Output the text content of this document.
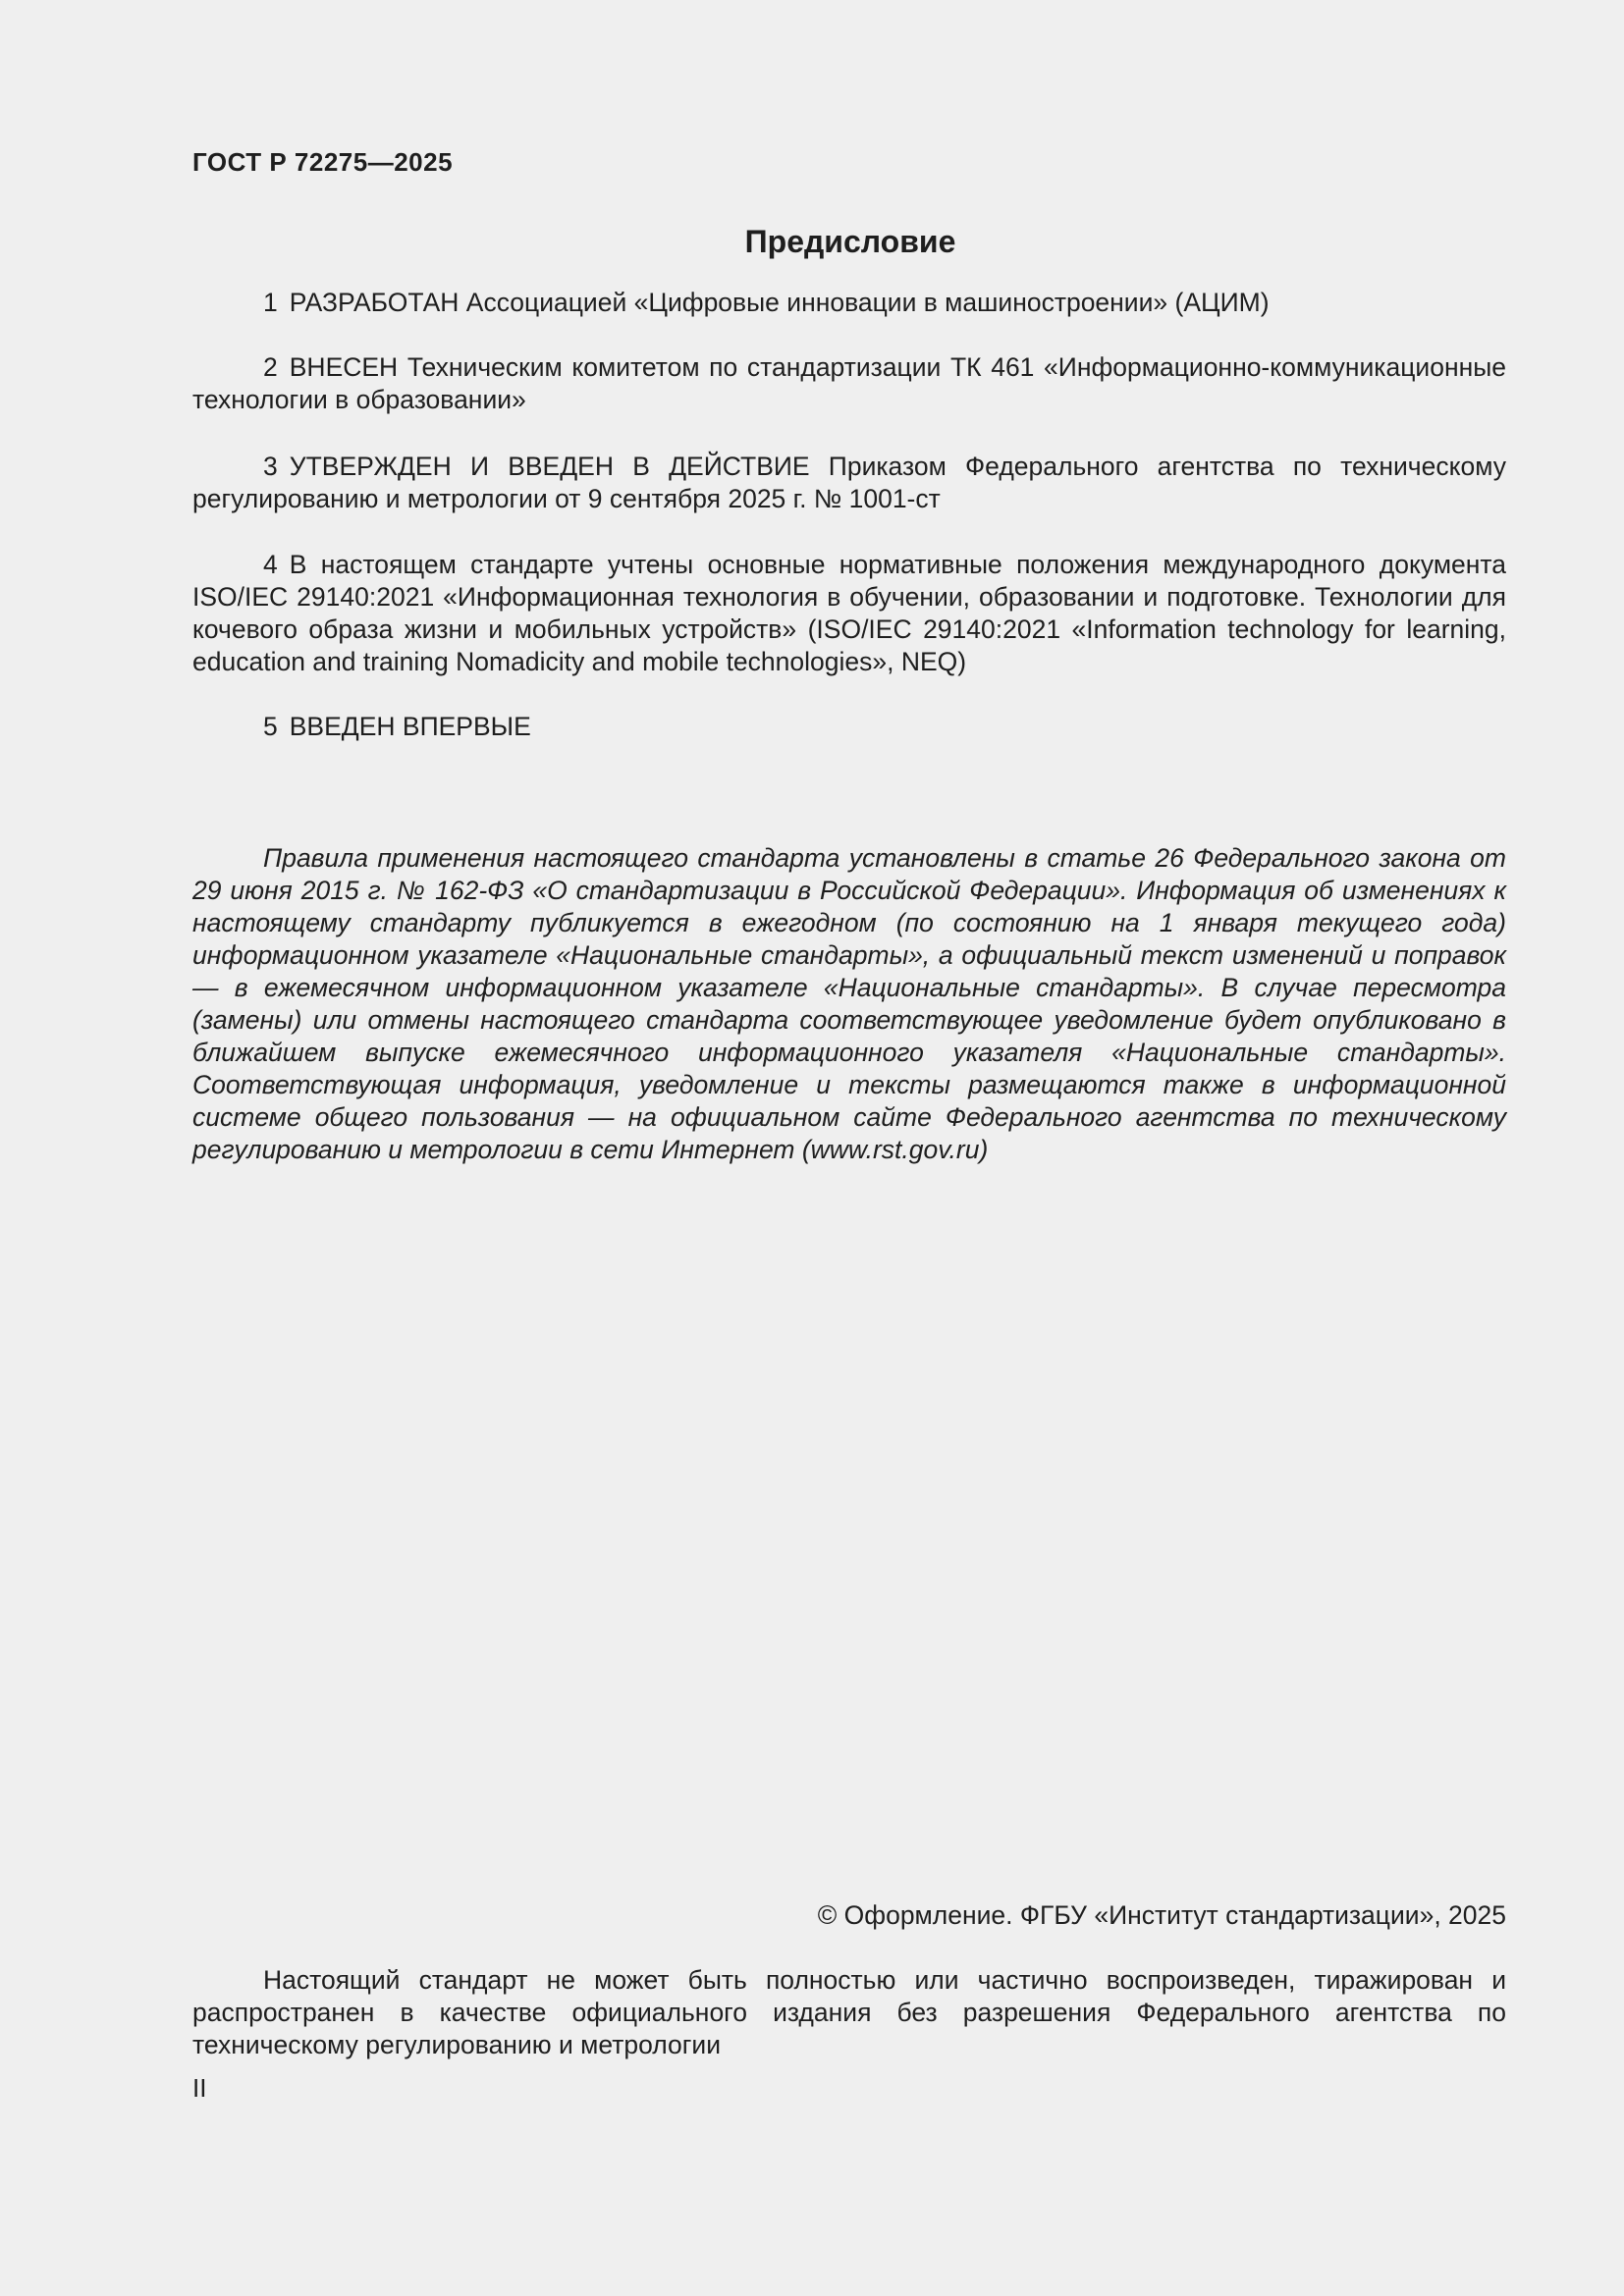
ГОСТ Р 72275—2025
Предисловие

1 РАЗРАБОТАН Ассоциацией «Цифровые инновации в машиностроении» (АЦИМ)

2 ВНЕСЕН Техническим комитетом по стандартизации ТК 461 «Информационно-коммуникационные технологии в образовании»

3 УТВЕРЖДЕН И ВВЕДЕН В ДЕЙСТВИЕ Приказом Федерального агентства по техническому регулированию и метрологии от 9 сентября 2025 г. № 1001-ст

4 В настоящем стандарте учтены основные нормативные положения международного документа ISO/IEC 29140:2021 «Информационная технология в обучении, образовании и подготовке. Технологии для кочевого образа жизни и мобильных устройств» (ISO/IEC 29140:2021 «Information technology for learning, education and training Nomadicity and mobile technologies», NEQ)

5 ВВЕДЕН ВПЕРВЫЕ

Правила применения настоящего стандарта установлены в статье 26 Федерального закона от 29 июня 2015 г. № 162-ФЗ «О стандартизации в Российской Федерации». Информация об изменениях к настоящему стандарту публикуется в ежегодном (по состоянию на 1 января текущего года) информационном указателе «Национальные стандарты», а официальный текст изменений и поправок — в ежемесячном информационном указателе «Национальные стандарты». В случае пересмотра (замены) или отмены настоящего стандарта соответствующее уведомление будет опубликовано в ближайшем выпуске ежемесячного информационного указателя «Национальные стандарты». Соответствующая информация, уведомление и тексты размещаются также в информационной системе общего пользования — на официальном сайте Федерального агентства по техническому регулированию и метрологии в сети Интернет (www.rst.gov.ru)

© Оформление. ФГБУ «Институт стандартизации», 2025

Настоящий стандарт не может быть полностью или частично воспроизведен, тиражирован и распространен в качестве официального издания без разрешения Федерального агентства по техническому регулированию и метрологии

II
